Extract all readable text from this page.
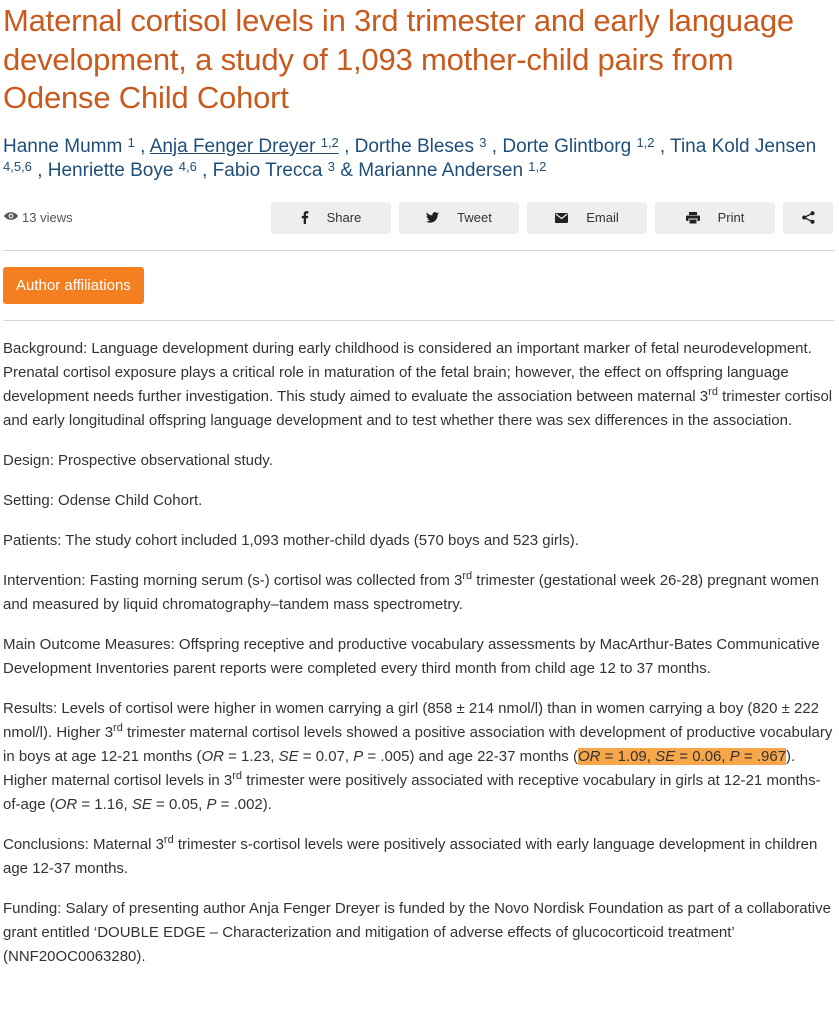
Maternal cortisol levels in 3rd trimester and early language development, a study of 1,093 mother-child pairs from Odense Child Cohort
Hanne Mumm $^1$ , Anja Fenger Dreyer $^{1,2}$ , Dorthe Bleses $^3$ , Dorte Glintborg $^{1,2}$ , Tina Kold Jensen $^{4,5,6}$ , Henriette Boye $^{4,6}$ , Fabio Trecca $^3$ & Marianne Andersen $^{1,2}$
13 views	Share	Tweet	Email	Print
Author affiliations

Background: Language development during early childhood is considered an important marker of fetal neurodevelopment. Prenatal cortisol exposure plays a critical role in maturation of the fetal brain; however, the effect on offspring language development needs further investigation. This study aimed to evaluate the association between maternal 3rd trimester cortisol and early longitudinal offspring language development and to test whether there was sex differences in the association.

Design: Prospective observational study.

Setting: Odense Child Cohort.

Patients: The study cohort included 1,093 mother-child dyads (570 boys and 523 girls).

Intervention: Fasting morning serum (s-) cortisol was collected from 3rd trimester (gestational week 26-28) pregnant women and measured by liquid chromatography–tandem mass spectrometry.

Main Outcome Measures: Offspring receptive and productive vocabulary assessments by MacArthur-Bates Communicative Development Inventories parent reports were completed every third month from child age 12 to 37 months.

Results: Levels of cortisol were higher in women carrying a girl (858 ± 214 nmol/l) than in women carrying a boy (820 ± 222 nmol/l). Higher 3rd trimester maternal cortisol levels showed a positive association with development of productive vocabulary in boys at age 12-21 months (OR = 1.23, SE = 0.07, P = .005) and age 22-37 months (OR = 1.09, SE = 0.06, P = .967). Higher maternal cortisol levels in 3rd trimester were positively associated with receptive vocabulary in girls at 12-21 months-of-age (OR = 1.16, SE = 0.05, P = .002).

Conclusions: Maternal 3rd trimester s-cortisol levels were positively associated with early language development in children age 12-37 months.

Funding: Salary of presenting author Anja Fenger Dreyer is funded by the Novo Nordisk Foundation as part of a collaborative grant entitled ‘DOUBLE EDGE – Characterization and mitigation of adverse effects of glucocorticoid treatment’ (NNF20OC0063280).
